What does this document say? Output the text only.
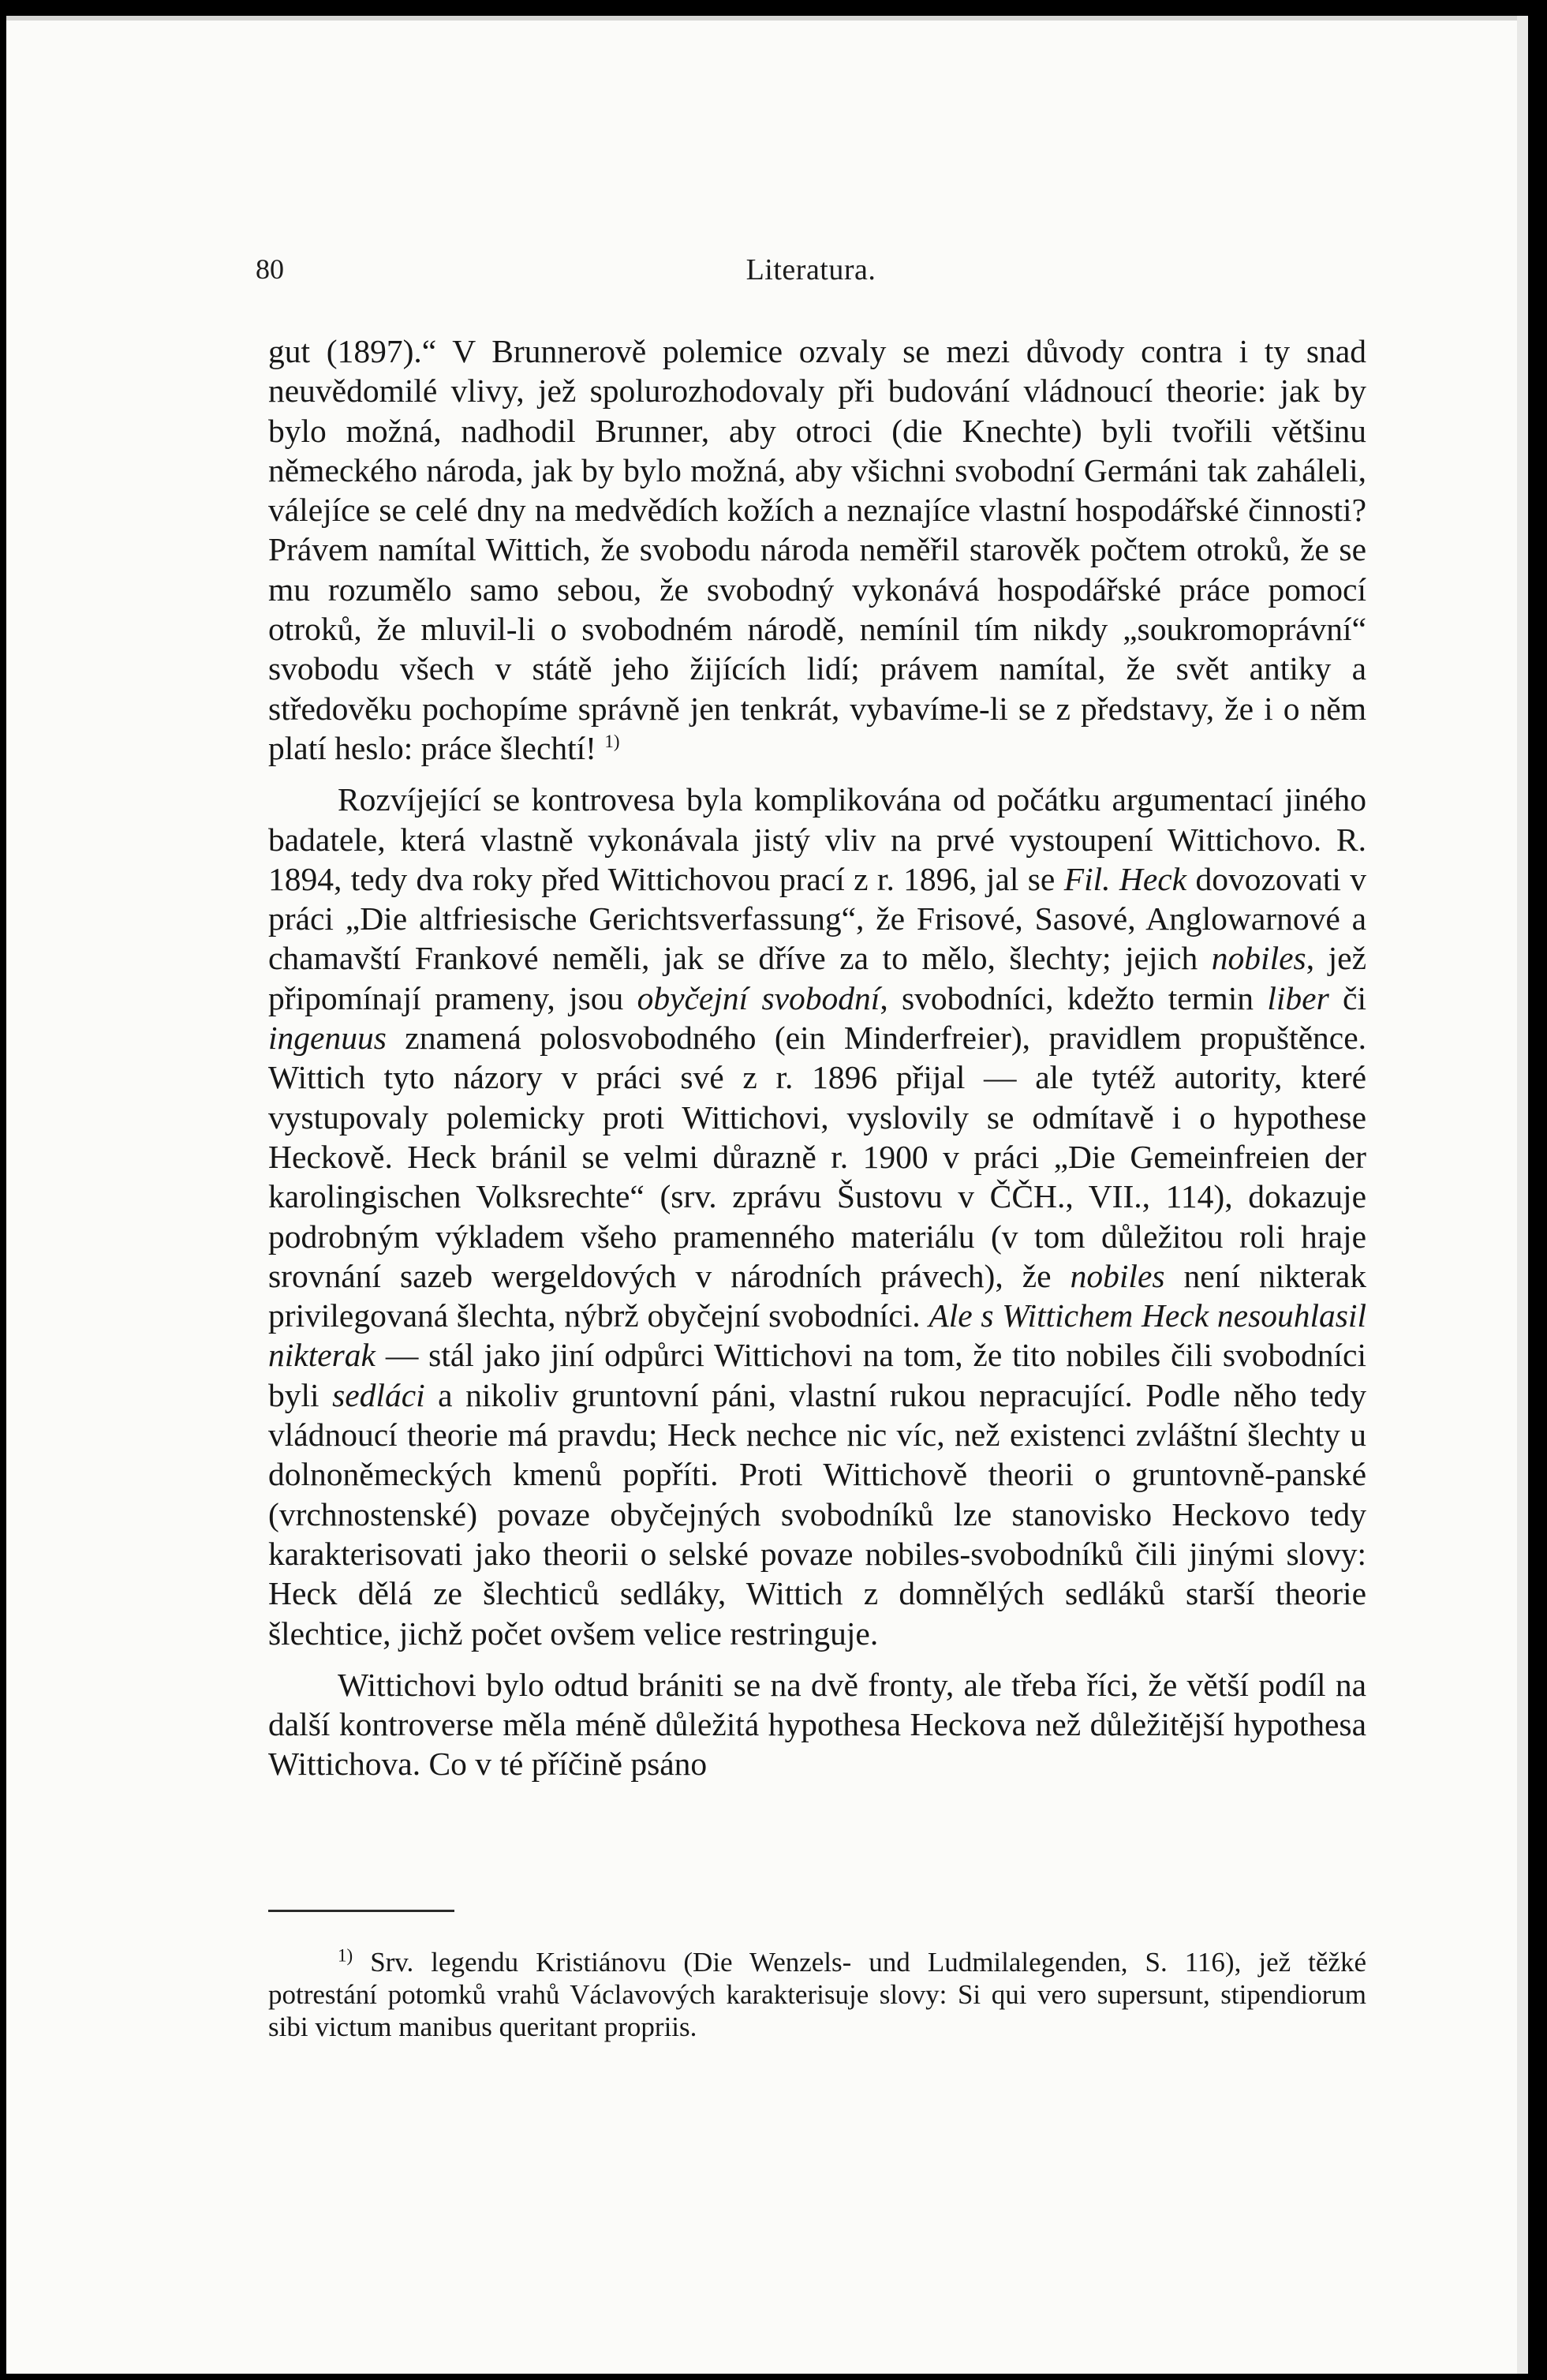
80	Literatura.

gut (1897).“ V Brunnerově polemice ozvaly se mezi důvody contra i ty snad neuvědomilé vlivy, jež spolurozhodovaly při budování vládnoucí theorie: jak by bylo možná, nadhodil Brunner, aby otroci (die Knechte) byli tvořili většinu německého národa, jak by bylo možná, aby všichni svobodní Germáni tak zaháleli, válejíce se celé dny na medvědích kožích a neznajíce vlastní hospodářské činnosti? Právem namítal Wittich, že svobodu národa neměřil starověk počtem otroků, že se mu rozumělo samo sebou, že svobodný vykonává hospodářské práce pomocí otroků, že mluvil-li o svobodném národě, nemínil tím nikdy „soukromoprávní“ svobodu všech v státě jeho žijících lidí; právem namítal, že svět antiky a středověku pochopíme správně jen tenkrát, vybavíme-li se z představy, že i o něm platí heslo: práce šlechtí! $^{1)}$

Rozvíjející se kontrovesa byla komplikována od počátku argumentací jiného badatele, která vlastně vykonávala jistý vliv na prvé vystoupení Wittichovo. R. 1894, tedy dva roky před Wittichovou prací z r. 1896, jal se Fil. Heck dovozovati v práci „Die altfriesische Gerichtsverfassung“, že Frisové, Sasové, Anglowarnové a chamavští Frankové neměli, jak se dříve za to mělo, šlechty; jejich nobiles, jež připomínají prameny, jsou obyčejní svobodní, svobodníci, kdežto termin liber či ingenuus znamená polosvobodného (ein Minderfreier), pravidlem propuštěnce. Wittich tyto názory v práci své z r. 1896 přijal — ale tytéž autority, které vystupovaly polemicky proti Wittichovi, vyslovily se odmítavě i o hypothese Heckově. Heck bránil se velmi důrazně r. 1900 v práci „Die Gemeinfreien der karolingischen Volksrechte“ (srv. zprávu Šustovu v ČČH., VII., 114), dokazuje podrobným výkladem všeho pramenného materiálu (v tom důležitou roli hraje srovnání sazeb wergeldových v národních právech), že nobiles není nikterak privilegovaná šlechta, nýbrž obyčejní svobodníci. Ale s Wittichem Heck nesouhlasil nikterak — stál jako jiní odpůrci Wittichovi na tom, že tito nobiles čili svobodníci byli sedláci a nikoliv gruntovní páni, vlastní rukou nepracující. Podle něho tedy vládnoucí theorie má pravdu; Heck nechce nic víc, než existenci zvláštní šlechty u dolnoněmeckých kmenů popříti. Proti Wittichově theorii o gruntovně-panské (vrchnostenské) povaze obyčejných svobodníků lze stanovisko Heckovo tedy karakterisovati jako theorii o selské povaze nobiles-svobodníků čili jinými slovy: Heck dělá ze šlechticů sedláky, Wittich z domnělých sedláků starší theorie šlechtice, jichž počet ovšem velice restringuje.

Wittichovi bylo odtud brániti se na dvě fronty, ale třeba říci, že větší podíl na další kontroverse měla méně důležitá hypothesa Heckova než důležitější hypothesa Wittichova. Co v té příčině psáno

$^{1)}$ Srv. legendu Kristiánovu (Die Wenzels- und Ludmilalegenden, S. 116), jež těžké potrestání potomků vrahů Václavových karakterisuje slovy: Si qui vero supersunt, stipendiorum sibi victum manibus queritant propriis.
